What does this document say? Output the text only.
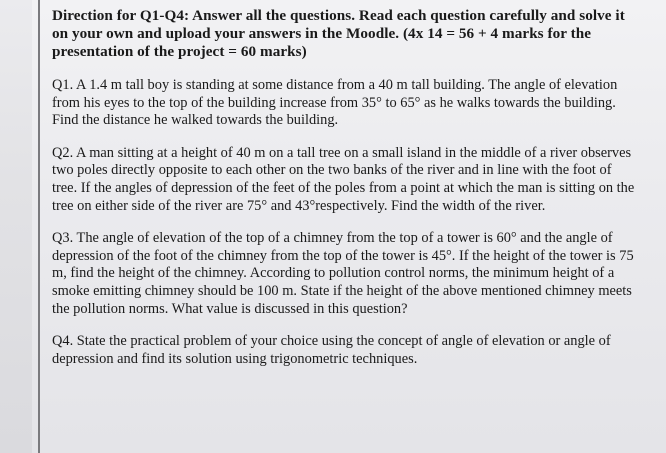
Direction for Q1-Q4: Answer all the questions. Read each question carefully and solve it on your own and upload your answers in the Moodle. (4x 14 = 56 + 4 marks for the presentation of the project = 60 marks)

Q1. A 1.4 m tall boy is standing at some distance from a 40 m tall building. The angle of elevation from his eyes to the top of the building increase from 35° to 65° as he walks towards the building. Find the distance he walked towards the building.

Q2. A man sitting at a height of 40 m on a tall tree on a small island in the middle of a river observes two poles directly opposite to each other on the two banks of the river and in line with the foot of tree. If the angles of depression of the feet of the poles from a point at which the man is sitting on the tree on either side of the river are 75° and 43°respectively. Find the width of the river.

Q3. The angle of elevation of the top of a chimney from the top of a tower is 60° and the angle of depression of the foot of the chimney from the top of the tower is 45°. If the height of the tower is 75 m, find the height of the chimney. According to pollution control norms, the minimum height of a smoke emitting chimney should be 100 m. State if the height of the above mentioned chimney meets the pollution norms. What value is discussed in this question?

Q4. State the practical problem of your choice using the concept of angle of elevation or angle of depression and find its solution using trigonometric techniques.
